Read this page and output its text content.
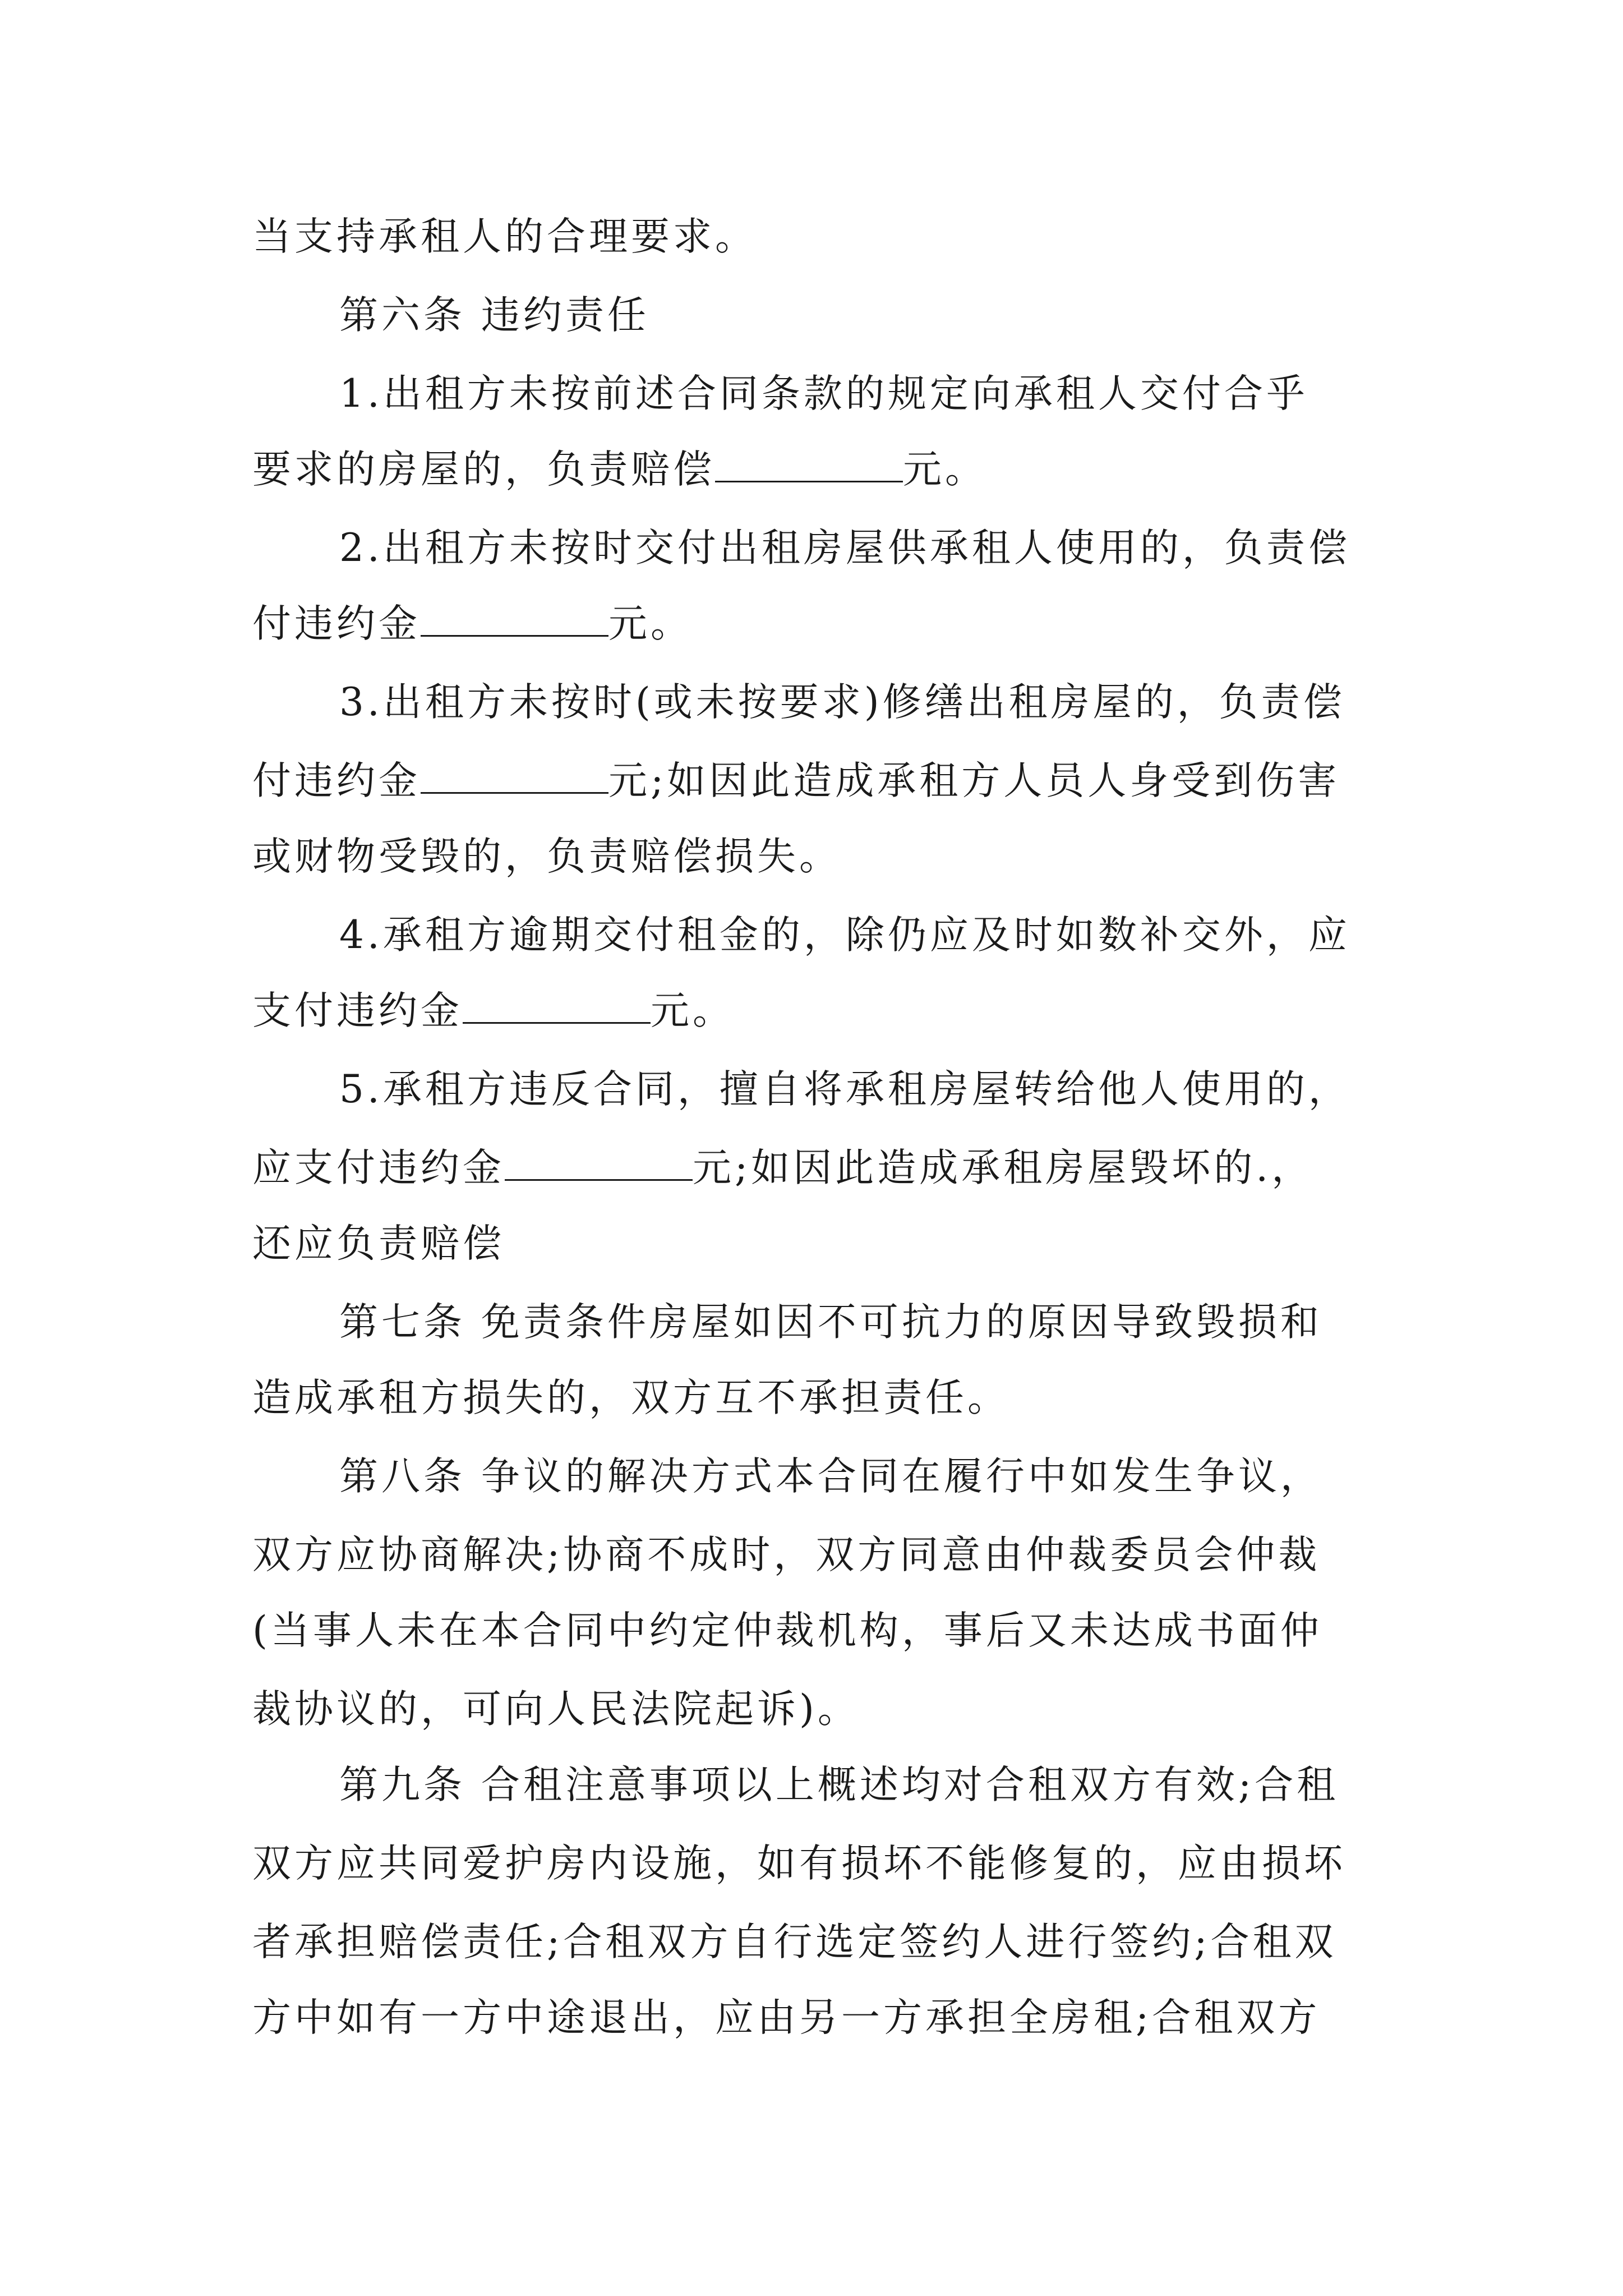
当支持承租人的合理要求。
第六条 违约责任
1.出租方未按前述合同条款的规定向承租人交付合乎
要求的房屋的，负责赔偿	元。
2.出租方未按时交付出租房屋供承租人使用的，负责偿
付违约金	元。
3.出租方未按时(或未按要求)修缮出租房屋的，负责偿
付违约金	元;如因此造成承租方人员人身受到伤害
或财物受毁的，负责赔偿损失。
4.承租方逾期交付租金的，除仍应及时如数补交外，应
支付违约金	元。
5.承租方违反合同，擅自将承租房屋转给他人使用的，
应支付违约金	元;如因此造成承租房屋毁坏的.，
还应负责赔偿
第七条 免责条件房屋如因不可抗力的原因导致毁损和
造成承租方损失的，双方互不承担责任。
第八条 争议的解决方式本合同在履行中如发生争议，
双方应协商解决;协商不成时，双方同意由仲裁委员会仲裁
(当事人未在本合同中约定仲裁机构，事后又未达成书面仲
裁协议的，可向人民法院起诉)。
第九条 合租注意事项以上概述均对合租双方有效;合租
双方应共同爱护房内设施，如有损坏不能修复的，应由损坏
者承担赔偿责任;合租双方自行选定签约人进行签约;合租双
方中如有一方中途退出，应由另一方承担全房租;合租双方
